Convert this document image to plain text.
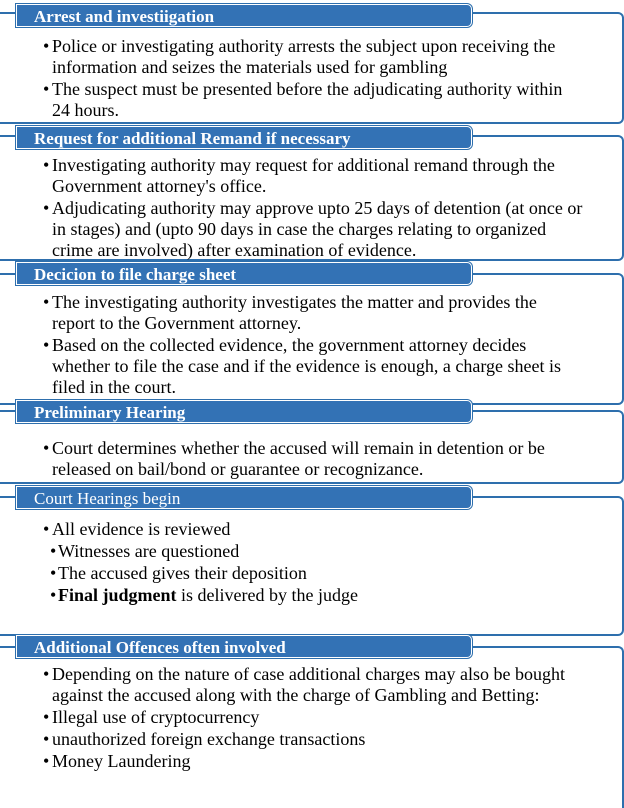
Arrest and investiigation
• Police or investigating authority arrests the subject upon receiving the information and seizes the materials used for gambling
• The suspect must be presented before the adjudicating authority within 24 hours.
Request for additional Remand if necessary
• Investigating authority may request for additional remand through the Government attorney's office.
• Adjudicating authority may approve upto 25 days of detention (at once or in stages) and (upto 90 days in case the charges relating to organized crime are involved) after examination of evidence.
Decicion to file charge sheet
• The investigating authority investigates the matter and provides the report to the Government attorney.
• Based on the collected evidence, the government attorney decides whether to file the case and if the evidence is enough, a charge sheet is filed in the court.
Preliminary Hearing
• Court determines whether the accused will remain in detention or be released on bail/bond or guarantee or recognizance.
Court Hearings begin
• All evidence is reviewed
• Witnesses are questioned
• The accused gives their deposition
• Final judgment is delivered by the judge
Additional Offences often involved
• Depending on the nature of case additional charges may also be bought against the accused along with the charge of Gambling and Betting:
• Illegal use of cryptocurrency
• unauthorized foreign exchange transactions
• Money Laundering
